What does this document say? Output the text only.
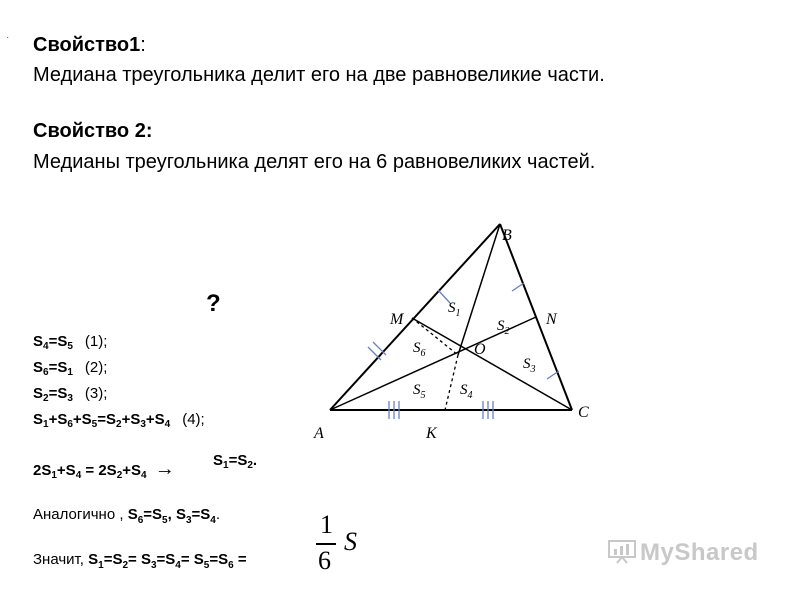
· Свойство1:
Медиана треугольника делит его на две равновеликие части.
Свойство 2:
Медианы треугольника делят его на 6 равновеликих частей.
?
$S_4=S_5$ (1);
$S_6=S_1$ (2);
$S_2=S_3$ (3);
$S_1+S_6+S_5=S_2+S_3+S_4$ (4);
$2S_1+S_4 = 2S_2+S_4$ →	$S_1=S_2$.
Аналогично , $S_6=S_5$, $S_3=S_4$.
Значит, $S_1=S_2= S_3=S_4= S_5=S_6$ =
1
6
S
A
B
C
M	N
K
O
$S_1$
$S_2$
$S_3$
$S_4$
$S_5$
$S_6$
MyShared
